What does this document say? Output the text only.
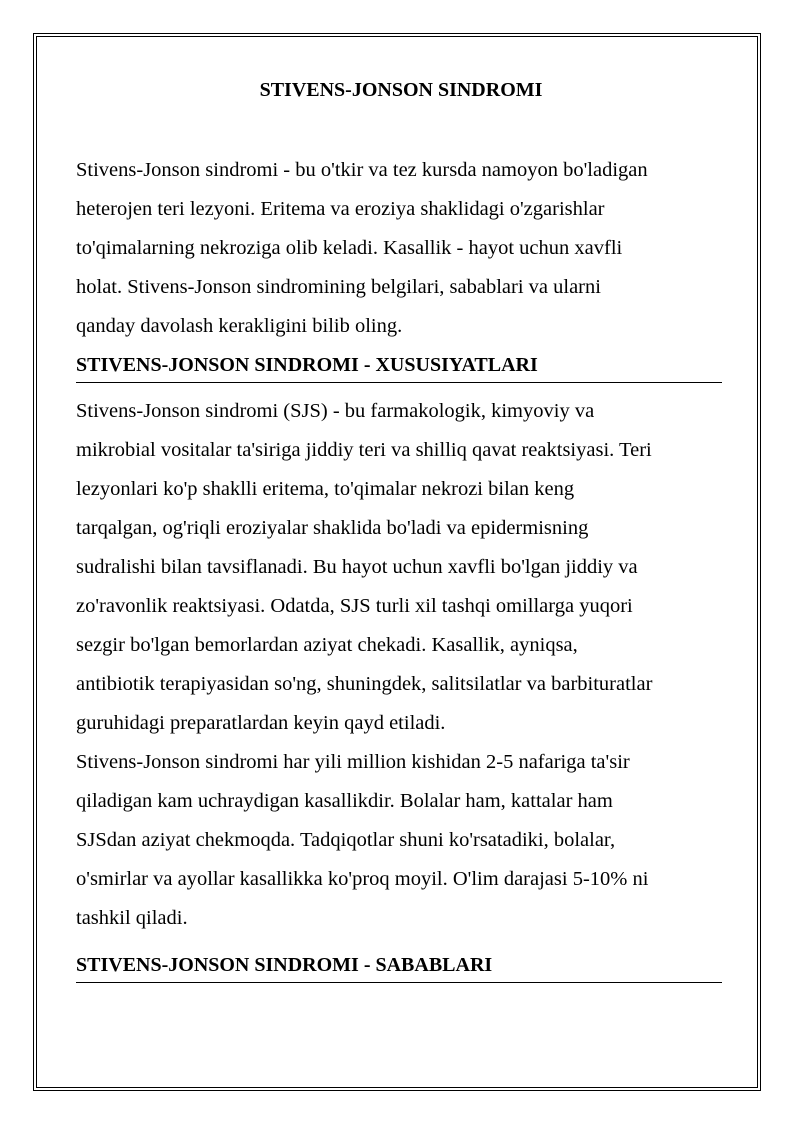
STIVENS-JONSON SINDROMI

Stivens-Jonson sindromi - bu o'tkir va tez kursda namoyon bo'ladigan
heterojen teri lezyoni. Eritema va eroziya shaklidagi o'zgarishlar
to'qimalarning nekroziga olib keladi. Kasallik - hayot uchun xavfli
holat. Stivens-Jonson sindromining belgilari, sabablari va ularni
qanday davolash kerakligini bilib oling.

STIVENS-JONSON SINDROMI - XUSUSIYATLARI

Stivens-Jonson sindromi (SJS) - bu farmakologik, kimyoviy va
mikrobial vositalar ta'siriga jiddiy teri va shilliq qavat reaktsiyasi. Teri
lezyonlari ko'p shaklli eritema, to'qimalar nekrozi bilan keng
tarqalgan, og'riqli eroziyalar shaklida bo'ladi va epidermisning
sudralishi bilan tavsiflanadi. Bu hayot uchun xavfli bo'lgan jiddiy va
zo'ravonlik reaktsiyasi. Odatda, SJS turli xil tashqi omillarga yuqori
sezgir bo'lgan bemorlardan aziyat chekadi. Kasallik, ayniqsa,
antibiotik terapiyasidan so'ng, shuningdek, salitsilatlar va barbituratlar
guruhidagi preparatlardan keyin qayd etiladi.

Stivens-Jonson sindromi har yili million kishidan 2-5 nafariga ta'sir
qiladigan kam uchraydigan kasallikdir. Bolalar ham, kattalar ham
SJSdan aziyat chekmoqda. Tadqiqotlar shuni ko'rsatadiki, bolalar,
o'smirlar va ayollar kasallikka ko'proq moyil. O'lim darajasi 5-10% ni
tashkil qiladi.

STIVENS-JONSON SINDROMI - SABABLARI
